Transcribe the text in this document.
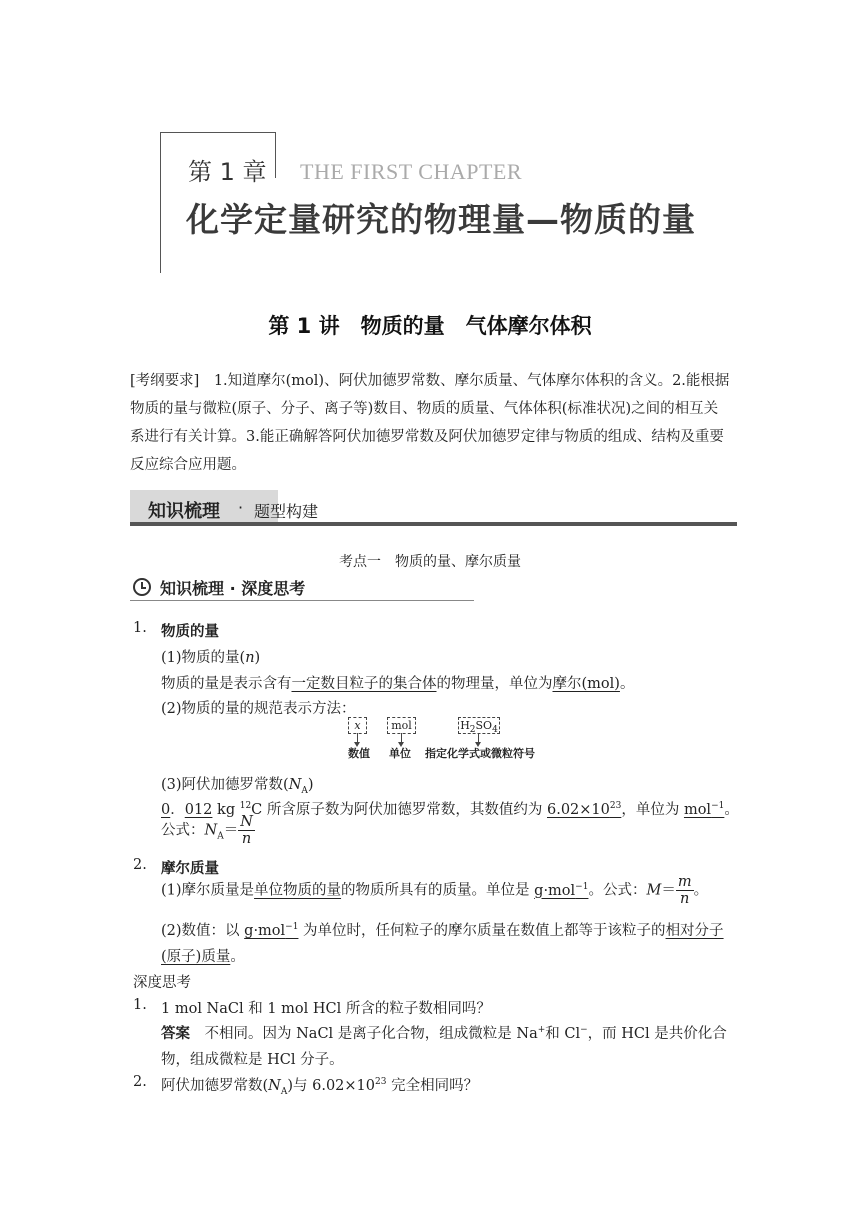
第 1 章 THE FIRST CHAPTER
化学定量研究的物理量—物质的量
第 1 讲　物质的量　气体摩尔体积
[考纲要求]　1.知道摩尔(mol)、阿伏加德罗常数、摩尔质量、气体摩尔体积的含义。2.能根据物质的量与微粒(原子、分子、离子等)数目、物质的质量、气体体积(标准状况)之间的相互关系进行有关计算。3.能正确解答阿伏加德罗常数及阿伏加德罗定律与物质的组成、结构及重要反应综合应用题。
知识梳理 · 题型构建
考点一　物质的量、摩尔质量
知识梳理 · 深度思考
1. 物质的量
(1)物质的量(n)
物质的量是表示含有一定数目粒子的集合体的物理量，单位为摩尔(mol)。
(2)物质的量的规范表示方法：
x	mol	$H_2SO_4$
数值 单位 指定化学式或微粒符号
(3)阿伏加德罗常数$(N_A)$
0．012 kg $^{12}$C 所含原子数为阿伏加德罗常数，其数值约为 $6.02\times 10^{23}$，单位为 mol$^{-1}$。
公式：$N_A= \frac{N}{n}$
2. 摩尔质量
(1)摩尔质量是单位物质的量的物质所具有的质量。单位是 g·mol$^{-1}$。公式：$M= \frac{m}{n}$ 。
(2)数值：以 g·mol$^{-1}$ 为单位时，任何粒子的摩尔质量在数值上都等于该粒子的相对分子
(原子)质量。
深度思考
1. 1 mol NaCl 和 1 mol HCl 所含的粒子数相同吗？
答案　不相同。因为 NaCl 是离子化合物，组成微粒是 Na+和 Cl−，而 HCl 是共价化合
物，组成微粒是 HCl 分子。
2. 阿伏加德罗常数$(N_A)$与 $6.02\times 10^{23}$ 完全相同吗？
